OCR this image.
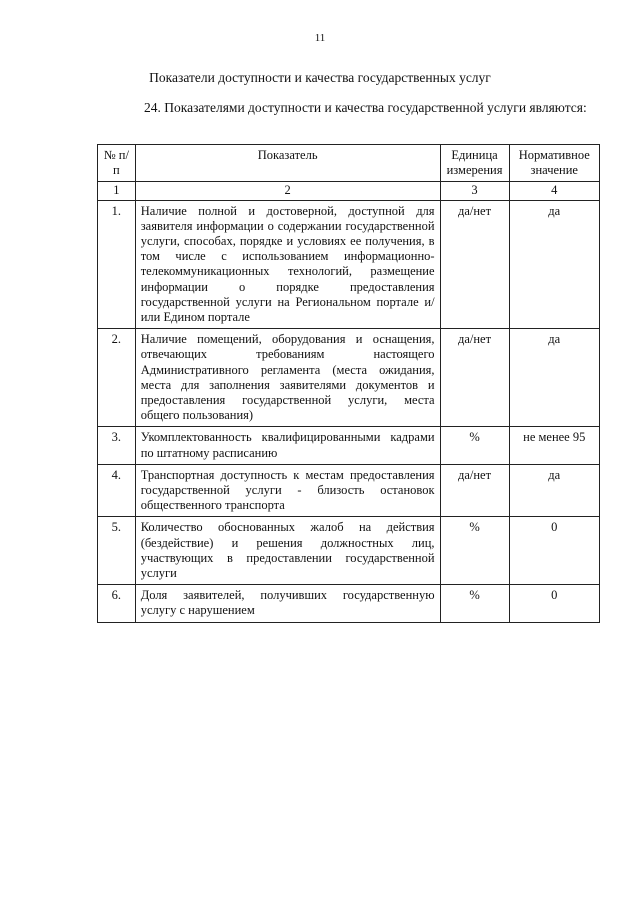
11
Показатели доступности и качества государственных услуг
24. Показателями доступности и качества государственной услуги являются:
№ п/п	Показатель	Единица измерения	Нормативное значение
1	2	3	4
1.	Наличие полной и достоверной, доступной для заявителя информации о содержании государственной услуги, способах, порядке и условиях ее получения, в том числе с использованием информационно-телекоммуникационных технологий, размещение информации о порядке предоставления государственной услуги на Региональном портале и/или Едином портале	да/нет	да
2.	Наличие помещений, оборудования и оснащения, отвечающих требованиям настоящего Административного регламента (места ожидания, места для заполнения заявителями документов и предоставления государственной услуги, места общего пользования)	да/нет	да
3.	Укомплектованность квалифицированными кадрами по штатному расписанию	%	не менее 95
4.	Транспортная доступность к местам предоставления государственной услуги - близость остановок общественного транспорта	да/нет	да
5.	Количество обоснованных жалоб на действия (бездействие) и решения должностных лиц, участвующих в предоставлении государственной услуги	%	0
6.	Доля заявителей, получивших государственную услугу с нарушением	%	0
